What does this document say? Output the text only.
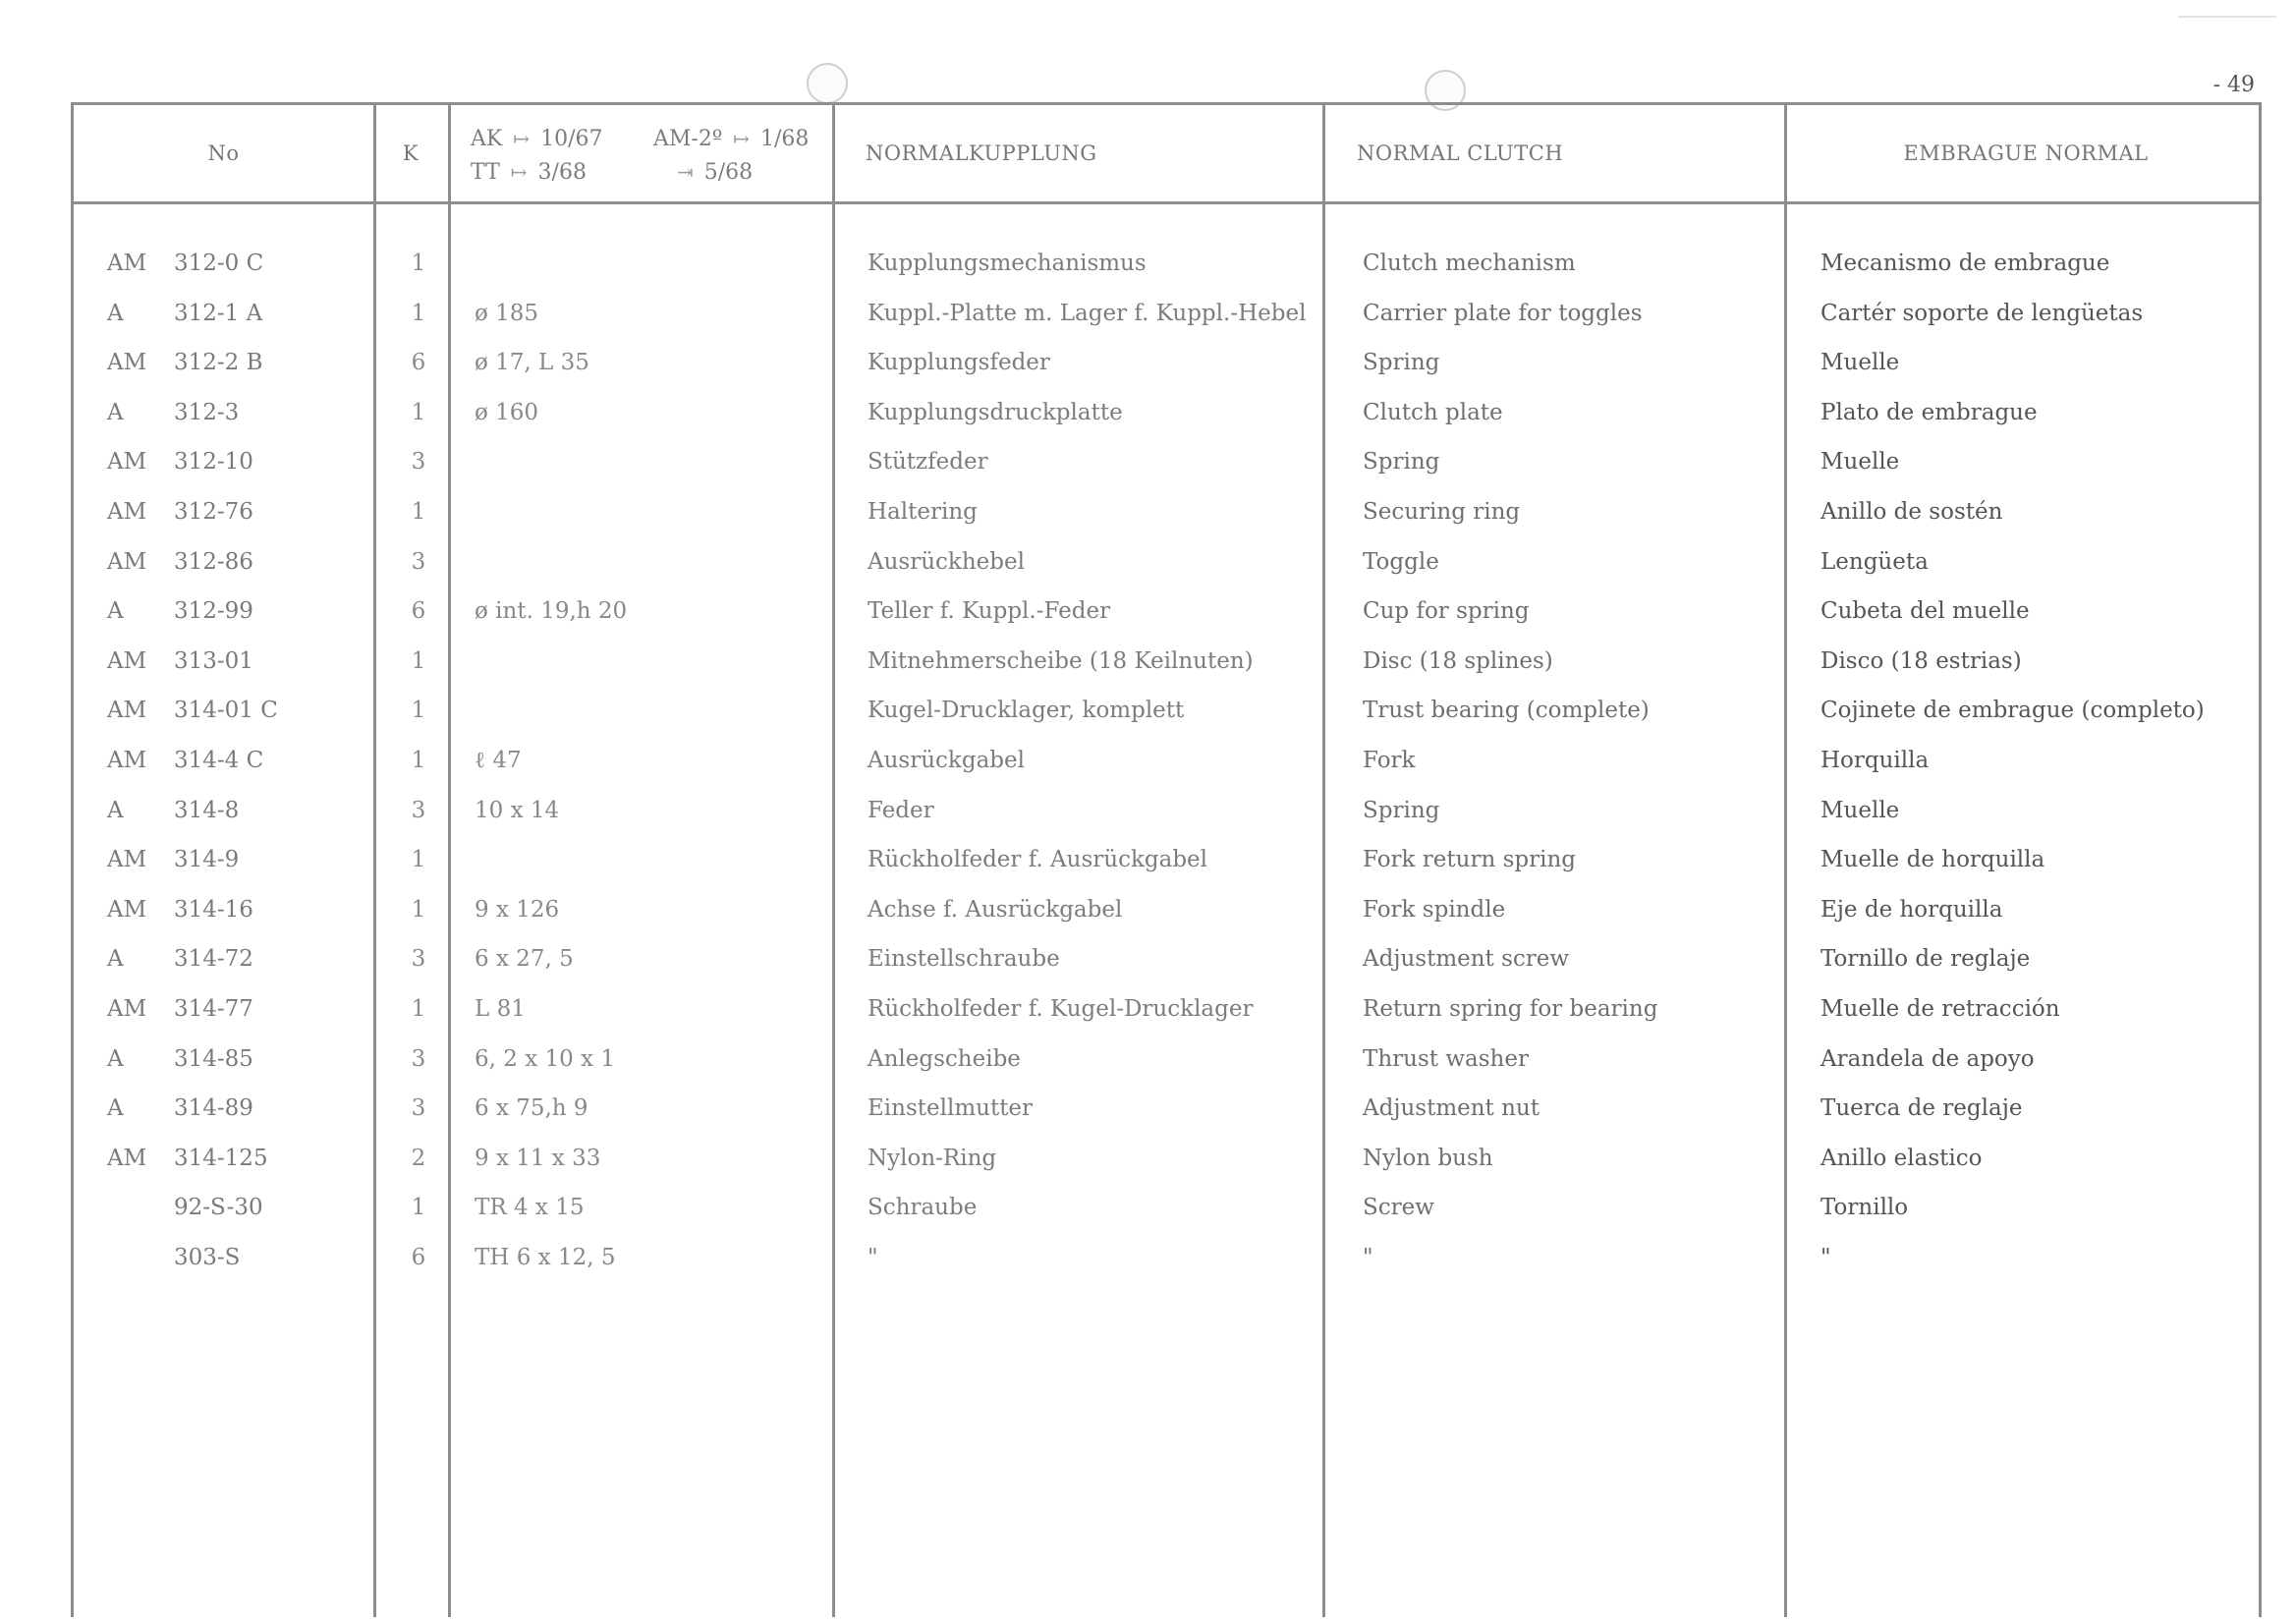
- 49
No	K
AK ↦ 10/67 AM-2º ↦ 1/68
TT ↦ 3/68	⇥ 5/68
NORMALKUPPLUNG	NORMAL CLUTCH	EMBRAGUE NORMAL
AM 312-0 C	1	Kupplungsmechanismus	Clutch mechanism	Mecanismo de embrague
A 312-1 A	1	ø 185	Kuppl.-Platte m. Lager f. Kuppl.-Hebel	Carrier plate for toggles	Cartér soporte de lengüetas
AM 312-2 B	6	ø 17, L 35	Kupplungsfeder	Spring	Muelle
A 312-3	1	ø 160	Kupplungsdruckplatte	Clutch plate	Plato de embrague
AM 312-10	3	Stützfeder	Spring	Muelle
AM 312-76	1	Haltering	Securing ring	Anillo de sostén
AM 312-86	3	Ausrückhebel	Toggle	Lengüeta
A 312-99	6	ø int. 19,h 20	Teller f. Kuppl.-Feder	Cup for spring	Cubeta del muelle
AM 313-01	1	Mitnehmerscheibe (18 Keilnuten)	Disc (18 splines)	Disco (18 estrias)
AM 314-01 C	1	Kugel-Drucklager, komplett	Trust bearing (complete)	Cojinete de embrague (completo)
AM 314-4 C	1	ℓ 47	Ausrückgabel	Fork	Horquilla
A 314-8	3	10 x 14	Feder	Spring	Muelle
AM 314-9	1	Rückholfeder f. Ausrückgabel	Fork return spring	Muelle de horquilla
AM 314-16	1	9 x 126	Achse f. Ausrückgabel	Fork spindle	Eje de horquilla
A 314-72	3	6 x 27, 5	Einstellschraube	Adjustment screw	Tornillo de reglaje
AM 314-77	1	L 81	Rückholfeder f. Kugel-Drucklager	Return spring for bearing	Muelle de retracción
A 314-85	3	6, 2 x 10 x 1	Anlegscheibe	Thrust washer	Arandela de apoyo
A 314-89	3	6 x 75,h 9	Einstellmutter	Adjustment nut	Tuerca de reglaje
AM 314-125	2	9 x 11 x 33	Nylon-Ring	Nylon bush	Anillo elastico
92-S-30	1	TR 4 x 15	Schraube	Screw	Tornillo
303-S	6	TH 6 x 12, 5	"	"	"
